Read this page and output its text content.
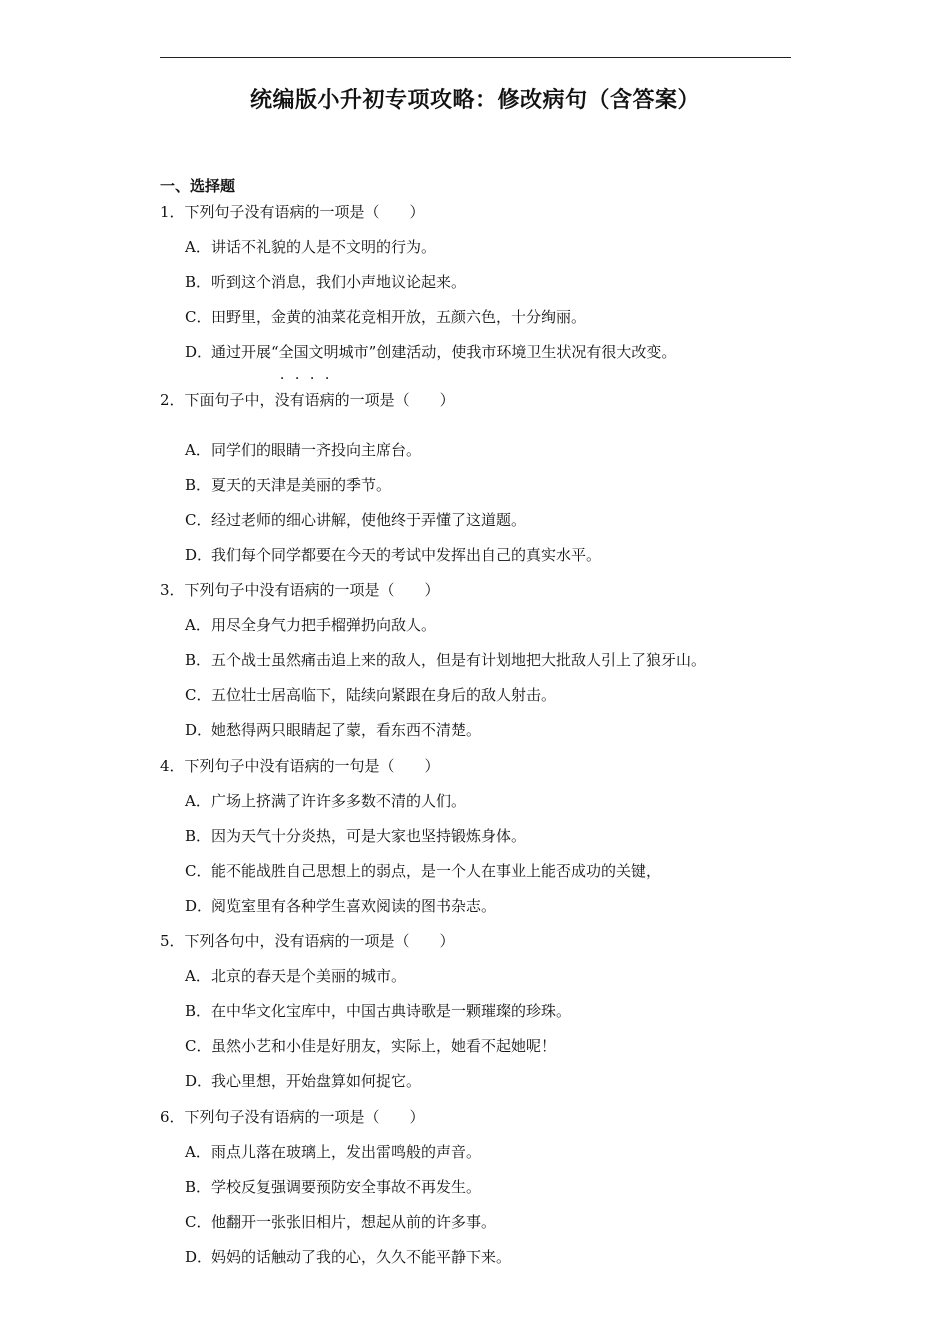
统编版小升初专项攻略：修改病句（含答案）
一、选择题
1．下列句子没有语病的一项是（　　）
A．讲话不礼貌的人是不文明的行为。
B．听到这个消息，我们小声地议论起来。
C．田野里，金黄的油菜花竞相开放，五颜六色，十分绚丽。
D．通过开展“全国文明城市”创建活动，使我市环境卫生状况有很大改变。
2．下面句子中，
. . . .
没有语病的一项是（　　）
A．同学们的眼睛一齐投向主席台。
B．夏天的天津是美丽的季节。
C．经过老师的细心讲解，使他终于弄懂了这道题。
D．我们每个同学都要在今天的考试中发挥出自己的真实水平。
3．下列句子中没有语病的一项是（　　）
A．用尽全身气力把手榴弹扔向敌人。
B．五个战士虽然痛击追上来的敌人，但是有计划地把大批敌人引上了狼牙山。
C．五位壮士居高临下，陆续向紧跟在身后的敌人射击。
D．她愁得两只眼睛起了蒙，看东西不清楚。
4．下列句子中没有语病的一句是（　　）
A．广场上挤满了许许多多数不清的人们。
B．因为天气十分炎热，可是大家也坚持锻炼身体。
C．能不能战胜自己思想上的弱点，是一个人在事业上能否成功的关键，
D．阅览室里有各种学生喜欢阅读的图书杂志。
5．下列各句中，没有语病的一项是（　　）
A．北京的春天是个美丽的城市。
B．在中华文化宝库中，中国古典诗歌是一颗璀璨的珍珠。
C．虽然小艺和小佳是好朋友，实际上，她看不起她呢！
D．我心里想，开始盘算如何捉它。
6．下列句子没有语病的一项是（　　）
A．雨点儿落在玻璃上，发出雷鸣般的声音。
B．学校反复强调要预防安全事故不再发生。
C．他翻开一张张旧相片，想起从前的许多事。
D．妈妈的话触动了我的心，久久不能平静下来。
